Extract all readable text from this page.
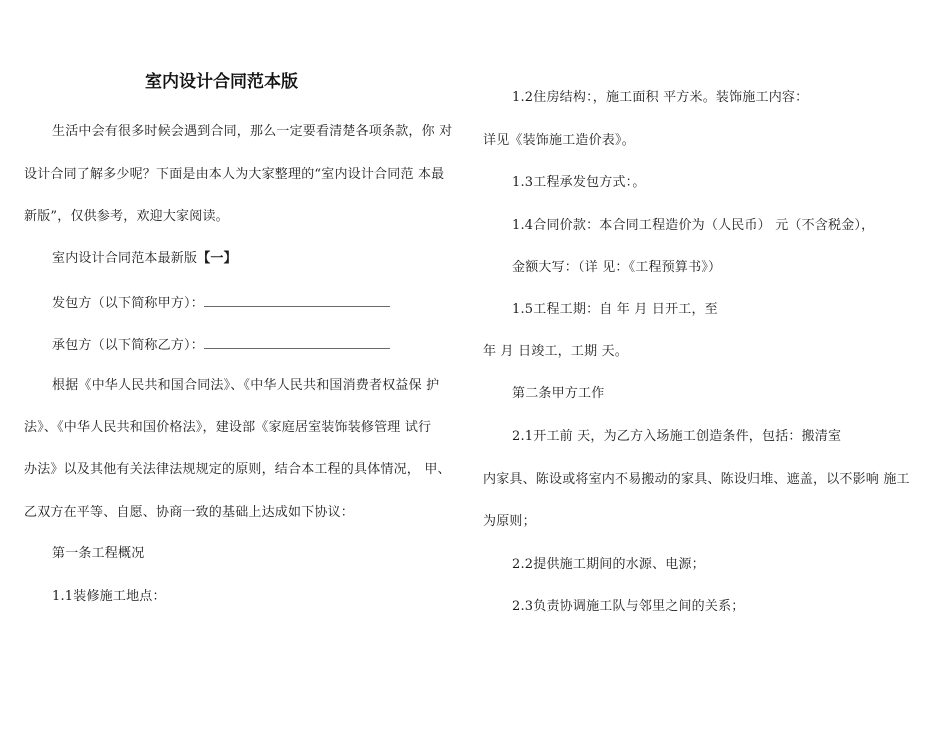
室内设计合同范本版
生活中会有很多时候会遇到合同，那么一定要看清楚各项条款，你 对
设计合同了解多少呢？下面是由本人为大家整理的“室内设计合同范 本最
新版”，仅供参考，欢迎大家阅读。
室内设计合同范本最新版【一】
发包方（以下简称甲方）：
承包方（以下简称乙方）：
根据《中华人民共和国合同法》、《中华人民共和国消费者权益保 护
法》、《中华人民共和国价格法》，建设部《家庭居室装饰装修管理 试行
办法》以及其他有关法律法规规定的原则，结合本工程的具体情况， 甲、
乙双方在平等、自愿、协商一致的基础上达成如下协议：
第一条工程概况
1.1装修施工地点：
1.2住房结构：，施工面积 平方米。装饰施工内容：
详见《装饰施工造价表》。
1.3工程承发包方式：。
1.4合同价款：本合同工程造价为（人民币） 元（不含税金），
金额大写：（详 见：《工程预算书》）
1.5工程工期：自 年 月 日开工，至
年 月 日竣工，工期 天。
第二条甲方工作
2.1开工前 天，为乙方入场施工创造条件，包括：搬清室
内家具、陈设或将室内不易搬动的家具、陈设归堆、遮盖，以不影响 施工
为原则；
2.2提供施工期间的水源、电源；
2.3负责协调施工队与邻里之间的关系；
